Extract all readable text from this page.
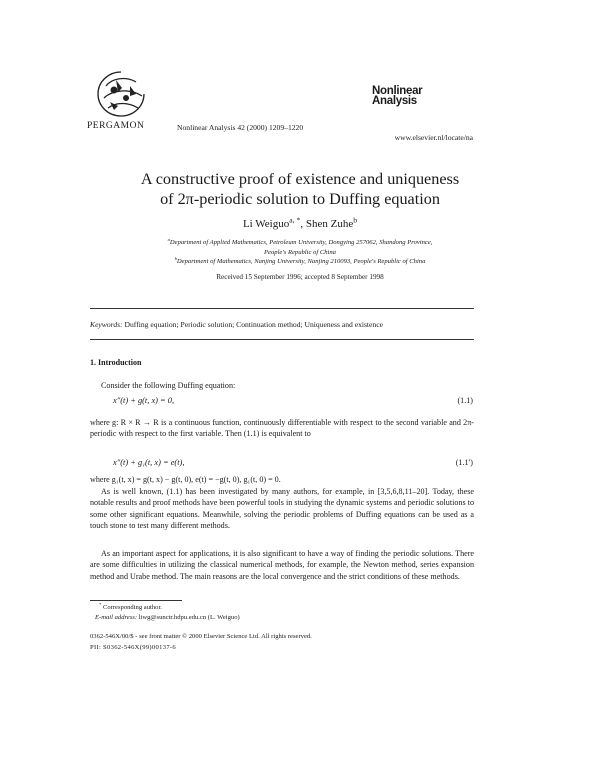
PERGAMON	Nonlinear Analysis 42 (2000) 1209–1220
Nonlinear
Analysis
www.elsevier.nl/locate/na
A constructive proof of existence and uniqueness
of 2π-periodic solution to Duffing equation
Li Weiguo$^{a, *}$, Shen Zuhe$^b$
$^a$Department of Applied Mathematics, Petroleum University, Dongying 257062, Shandong Province,
People's Republic of China
$^b$Department of Mathematics, Nanjing University, Nanjing 210093, People's Republic of China
Received 15 September 1996; accepted 8 September 1998
Keywords: Duffing equation; Periodic solution; Continuation method; Uniqueness and existence
1. Introduction
Consider the following Duffing equation:
x″(t) + g(t, x) = 0,	(1.1)
where g: R × R → R is a continuous function, continuously differentiable with respect to the second variable and 2π-periodic with respect to the first variable. Then (1.1) is equivalent to
x″(t) + g₁(t, x) = e(t),	(1.1′)
where g₁(t, x) = g(t, x) − g(t, 0), e(t) = −g(t, 0), g₁(t, 0) = 0.
As is well known, (1.1) has been investigated by many authors, for example, in [3,5,6,8,11–20]. Today, these notable results and proof methods have been powerful tools in studying the dynamic systems and periodic solutions to some other significant equations. Meanwhile, solving the periodic problems of Duffing equations can be used as a touch stone to test many different methods.
As an important aspect for applications, it is also significant to have a way of finding the periodic solutions. There are some difficulties in utilizing the classical numerical methods, for example, the Newton method, series expansion method and Urabe method. The main reasons are the local convergence and the strict conditions of these methods.
* Corresponding author.
E-mail address: liwg@sunctr.hdpu.edu.cn (L. Weiguo)
0362-546X/00/$ - see front matter © 2000 Elsevier Science Ltd. All rights reserved.
PII: S0362-546X(99)00137-6
